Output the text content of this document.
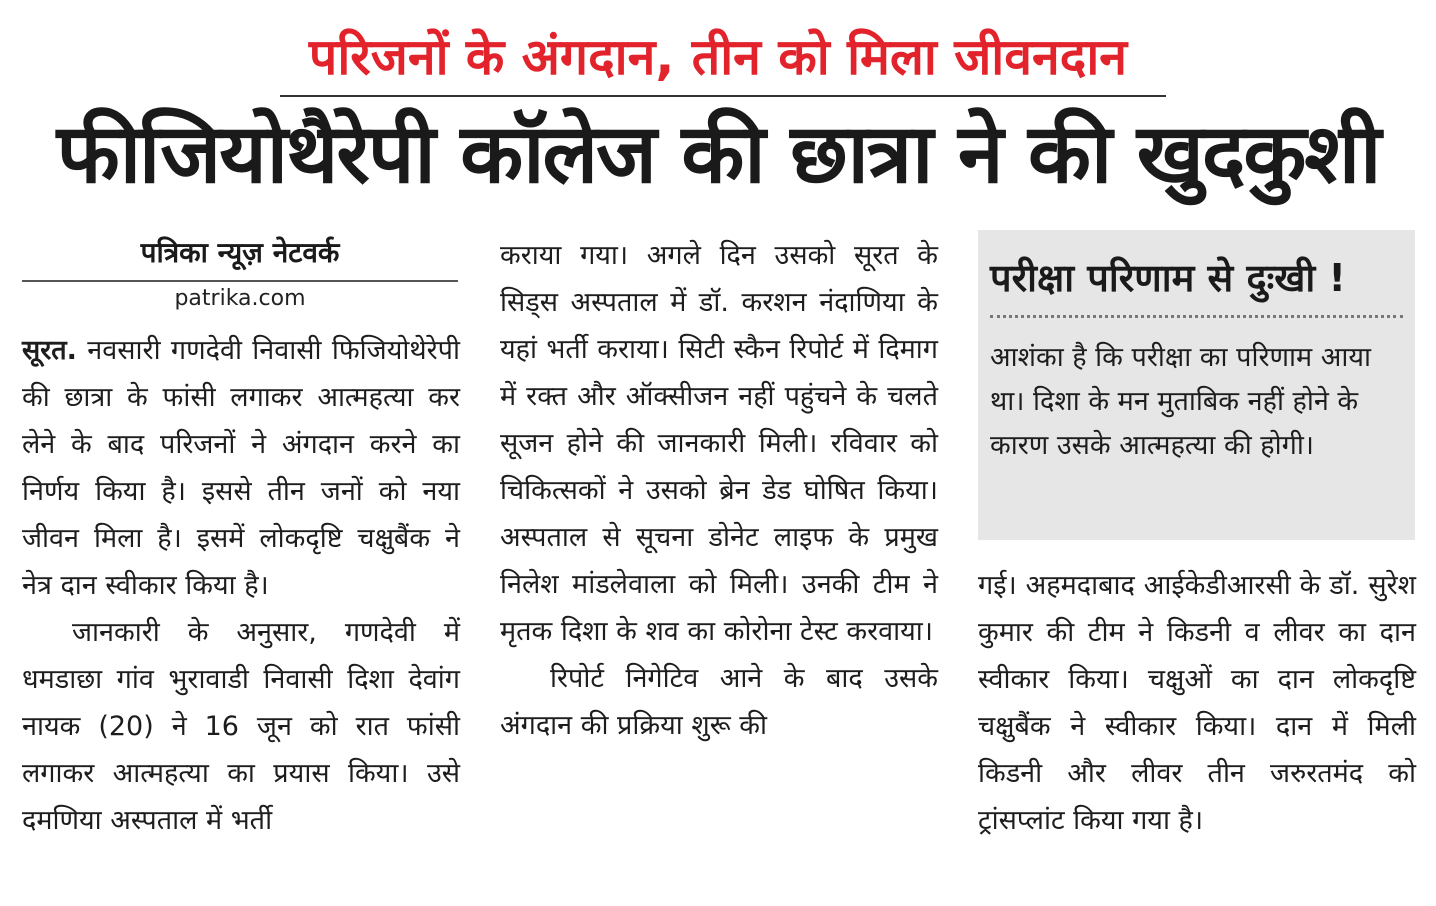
परिजनों के अंगदान, तीन को मिला जीवनदान
फीजियोथैरेपी कॉलेज की छात्रा ने की खुदकुशी
पत्रिका न्यूज़ नेटवर्क
patrika.com

सूरत. नवसारी गणदेवी निवासी फिजियोथेरेपी की छात्रा के फांसी लगाकर आत्महत्या कर लेने के बाद परिजनों ने अंगदान करने का निर्णय किया है। इससे तीन जनों को नया जीवन मिला है। इसमें लोकदृष्टि चक्षुबैंक ने नेत्र दान स्वीकार किया है।

जानकारी के अनुसार, गणदेवी में धमडाछा गांव भुरावाडी निवासी दिशा देवांग नायक (20) ने 16 जून को रात फांसी लगाकर आत्महत्या का प्रयास किया। उसे दमणिया अस्पताल में भर्ती

कराया गया। अगले दिन उसको सूरत के सिड्स अस्पताल में डॉ. करशन नंदाणिया के यहां भर्ती कराया। सिटी स्कैन रिपोर्ट में दिमाग में रक्त और ऑक्सीजन नहीं पहुंचने के चलते सूजन होने की जानकारी मिली। रविवार को चिकित्सकों ने उसको ब्रेन डेड घोषित किया। अस्पताल से सूचना डोनेट लाइफ के प्रमुख निलेश मांडलेवाला को मिली। उनकी टीम ने मृतक दिशा के शव का कोरोना टेस्ट करवाया।

रिपोर्ट निगेटिव आने के बाद उसके अंगदान की प्रक्रिया शुरू की

परीक्षा परिणाम से दुःखी !

आशंका है कि परीक्षा का परिणाम आया था। दिशा के मन मुताबिक नहीं होने के कारण उसके आत्महत्या की होगी।

गई। अहमदाबाद आईकेडीआरसी के डॉ. सुरेश कुमार की टीम ने किडनी व लीवर का दान स्वीकार किया। चक्षुओं का दान लोकदृष्टि चक्षुबैंक ने स्वीकार किया। दान में मिली किडनी और लीवर तीन जरुरतमंद को ट्रांसप्लांट किया गया है।
